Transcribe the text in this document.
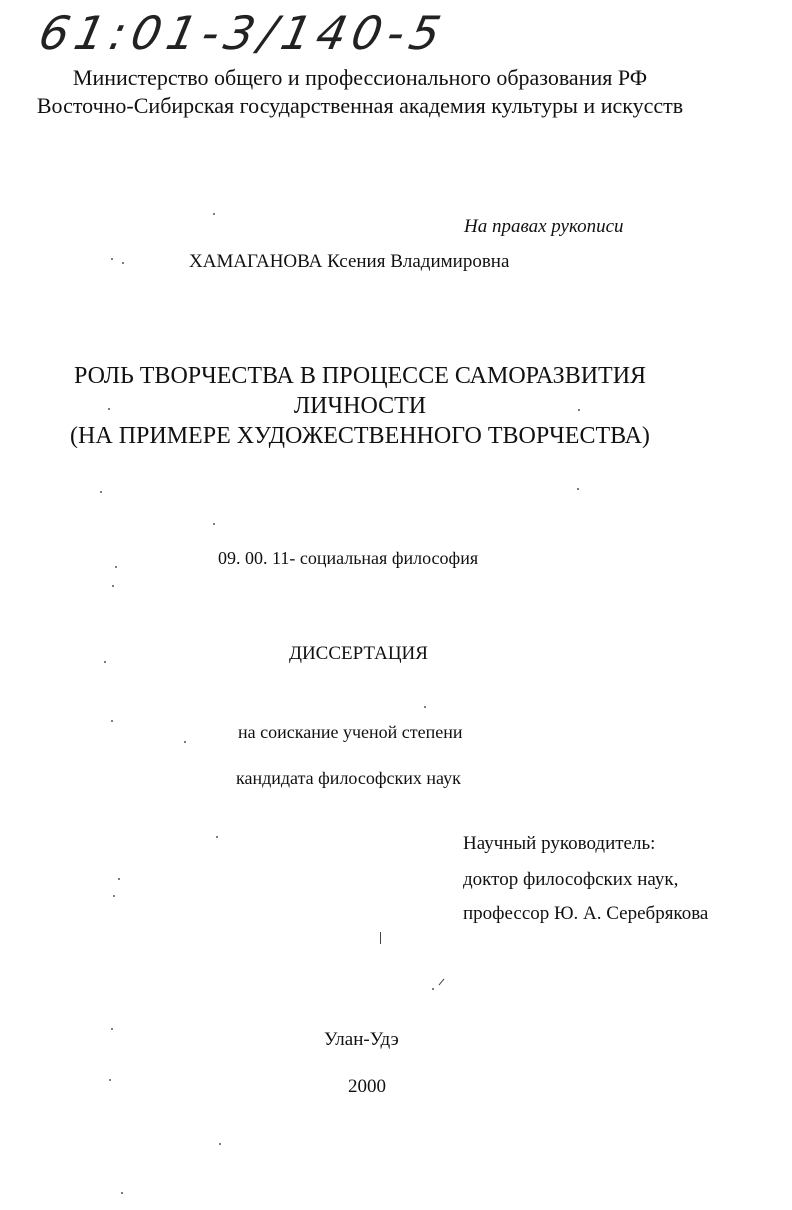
61:01-3/140-5
Министерство общего и профессионального образования РФ
Восточно-Сибирская государственная академия культуры и искусств
На правах рукописи
ХАМАГАНОВА Ксения Владимировна
РОЛЬ ТВОРЧЕСТВА В ПРОЦЕССЕ САМОРАЗВИТИЯ
ЛИЧНОСТИ
(НА ПРИМЕРЕ ХУДОЖЕСТВЕННОГО ТВОРЧЕСТВА)
09. 00. 11- социальная философия
ДИССЕРТАЦИЯ
на соискание ученой степени
кандидата философских наук
Научный руководитель:
доктор философских наук,
профессор Ю. А. Серебрякова
Улан-Удэ
2000
